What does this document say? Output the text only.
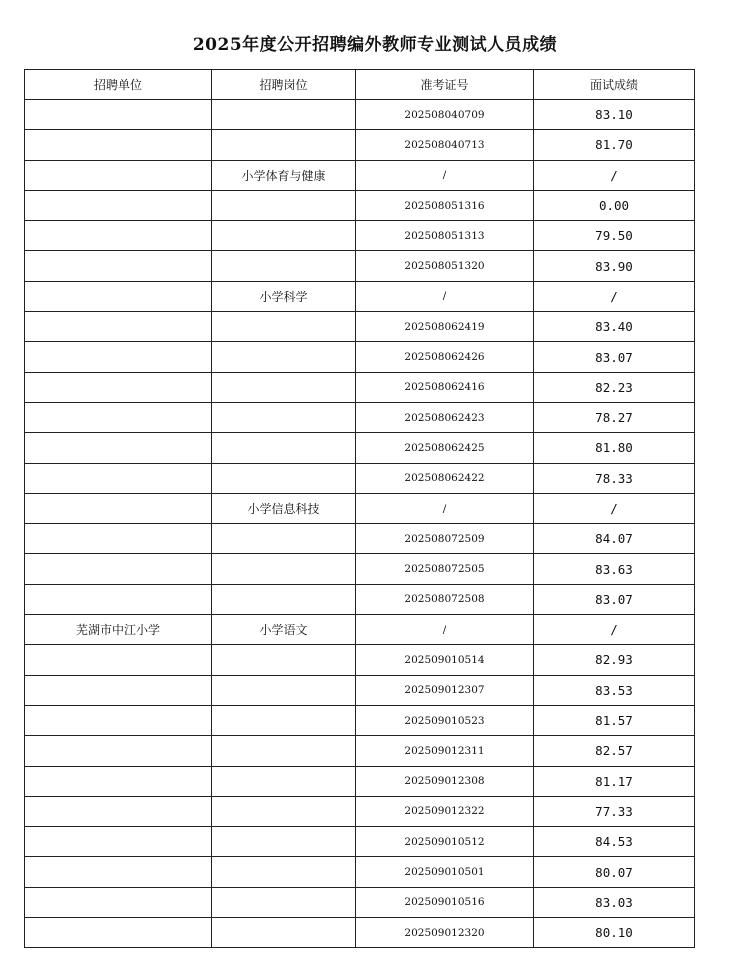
2025年度公开招聘编外教师专业测试人员成绩
招聘单位	招聘岗位	准考证号	面试成绩
		202508040709	83.10
		202508040713	81.70
	小学体育与健康	/	/
		202508051316	0.00
		202508051313	79.50
		202508051320	83.90
	小学科学	/	/
		202508062419	83.40
		202508062426	83.07
		202508062416	82.23
		202508062423	78.27
		202508062425	81.80
		202508062422	78.33
	小学信息科技	/	/
		202508072509	84.07
		202508072505	83.63
		202508072508	83.07
芜湖市中江小学	小学语文	/	/
		202509010514	82.93
		202509012307	83.53
		202509010523	81.57
		202509012311	82.57
		202509012308	81.17
		202509012322	77.33
		202509010512	84.53
		202509010501	80.07
		202509010516	83.03
		202509012320	80.10
